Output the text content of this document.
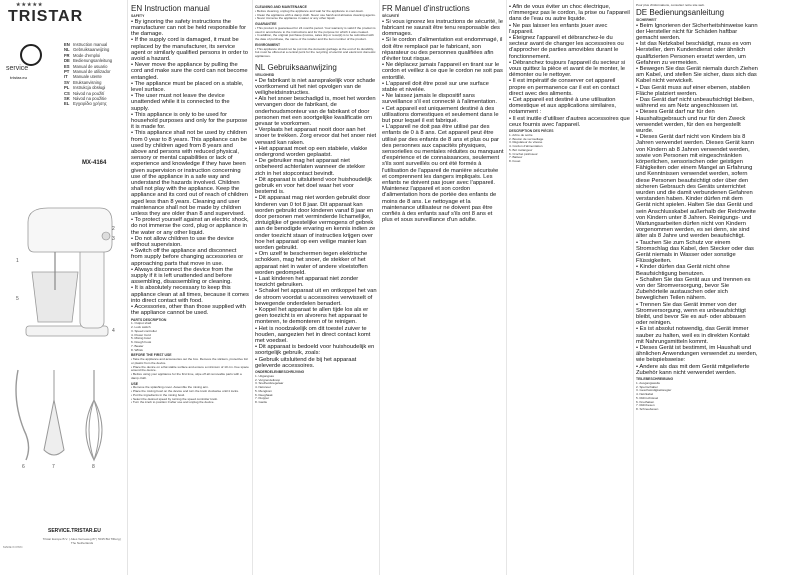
★★★★★
TRISTAR
service
tristar.eu
EN Instruction manual
NL Gebruiksaanwijzing
FR Mode d'emploi
DE Bedienungsanleitung
ES Manual de usuario
PT Manual de utilizador
IT Manuale utente
SV Bruksanvisning
PL Instrukcja obsługi
CS Návod na použití
SK Návod na použitie
EL Εγχειρίδιο χρήσης
MX-4164
1
2
3
5
4
6	7	8
SERVICE.TRISTAR.EU
Tristar Europe B.V. | Jules Verneweg 87 | 5015 BH Tilburg | The Netherlands
MADE IN PRC
EN Instruction manual
SAFETY
• By ignoring the safety instructions the manufacturer can not be held responsible for the damage.
• If the supply cord is damaged, it must be replaced by the manufacturer, its service agent or similarly qualified persons in order to avoid a hazard.
• Never move the appliance by pulling the cord and make sure the cord can not become entangled.
• The appliance must be placed on a stable, level surface.
• The user must not leave the device unattended while it is connected to the supply.
• This appliance is only to be used for household purposes and only for the purpose it is made for.
• This appliance shall not be used by children from 0 year to 8 years. This appliance can be used by children aged from 8 years and above and persons with reduced physical, sensory or mental capabilities or lack of experience and knowledge if they have been given supervision or instruction concerning use of the appliance in a safe way and understand the hazards involved. Children shall not play with the appliance. Keep the appliance and its cord out of reach of children aged less than 8 years. Cleaning and user maintenance shall not be made by children unless they are older than 8 and supervised.
• To protect yourself against an electric shock, do not immerse the cord, plug or appliance in the water or any other liquid.
• Do not allow children to use the device without supervision.
• Switch off the appliance and disconnect from supply before changing accessories or approaching parts that move in use.
• Always disconnect the device from the supply if it is left unattended and before assembling, disassembling or cleaning.
• It is absolutely necessary to keep this appliance clean at all times, because it comes into direct contact with food.
• Accessories, other than those supplied with the appliance cannot be used.
PARTS DESCRIPTION
1. Output shaft
2. Lock switch
3. Speed controller
4. Power Cord
5. Mixing bowl
6. Dough hook
7. Beater
8. Whisk
BEFORE THE FIRST USE
• Take the appliance and accessories out the box. Remove the stickers, protective foil or plastic from the device.
• Place the device on a flat stable surface and ensure a minimum of 10 cm. free space around the device.
• Before using your appliance for the first time, wipe off all removable parts with a damp cloth.
USE
• Remove the splashing cover. Assemble the mixing arm.
• Place the mixing bowl on the device and turn the knob clockwise until it locks.
• Put the ingredients in the mixing bowl.
• Select the desired speed by turning the speed controller knob.
• Turn the knob to position 0 after use and unplug the device.
CLEANING AND MAINTENANCE
• Before cleaning, unplug the appliance and wait for the appliance to cool down.
• Clean the appliance with a damp cloth. Never use harsh and abrasive cleaning agents.
• Never immerse the appliance in water or any other liquid.
GUARANTEE
• This product is guaranteed for 24 months period. Your warranty is valid if the product is used in accordance to the instructions and for the purpose for which it was created.
• In addition, the original purchase (invoice, sales slip or receipt) is to be submitted with the date of purchase, the name of the retailer and the item number of the product.
ENVIRONMENT
• This appliance should not be put into the domestic garbage at the end of its durability, but must be offered at a central point for the recycling of electric and electronic domestic appliances.
NL Gebruiksaanwijzing
VEILIGHEID
• De fabrikant is niet aansprakelijk voor schade voortkomend uit het niet opvolgen van de veiligheidsinstructies.
• Als het snoer beschadigd is, moet het worden vervangen door de fabrikant, de onderhoudsmonteur van de fabrikant of door personen met een soortgelijke kwalificatie om gevaar te voorkomen.
• Verplaats het apparaat nooit door aan het snoer te trekken. Zorg ervoor dat het snoer niet verward kan raken.
• Het apparaat moet op een stabiele, vlakke ondergrond worden geplaatst.
• De gebruiker mag het apparaat niet onbeheerd achterlaten wanneer de stekker zich in het stopcontact bevindt.
• Dit apparaat is uitsluitend voor huishoudelijk gebruik en voor het doel waar het voor bestemd is.
• Dit apparaat mag niet worden gebruikt door kinderen van 0 tot 8 jaar. Dit apparaat kan worden gebruikt door kinderen vanaf 8 jaar en door personen met verminderde lichamelijke, zintuiglijke of geestelijke vermogens of gebrek aan de benodigde ervaring en kennis indien ze onder toezicht staan of instructies krijgen over hoe het apparaat op een veilige manier kan worden gebruikt.
• Om uzelf te beschermen tegen elektrische schokken, mag het snoer, de stekker of het apparaat niet in water of andere vloeistoffen worden gedompeld.
• Laat kinderen het apparaat niet zonder toezicht gebruiken.
• Schakel het apparaat uit en ontkoppel het van de stroom voordat u accessoires verwisselt of bewegende onderdelen benadert.
• Koppel het apparaat te allen tijde los als er geen toezicht is en alvorens het apparaat te monteren, te demonteren of te reinigen.
• Het is noodzakelijk om dit toestel zuiver te houden, aangezien het in direct contact komt met voedsel.
• Dit apparaat is bedoeld voor huishoudelijk en soortgelijk gebruik, zoals:
• Gebruik uitsluitend de bij het apparaat geleverde accessoires.
ONDERDELENBESCHRIJVING
1. Uitgangsas
2. Vergrendelknop
3. Snelheidsregelaar
4. Netsnoer
5. Mengkom
6. Deeghaak
7. Klopper
8. Garde
FR Manuel d'instructions
SÉCURITÉ
• Si vous ignorez les instructions de sécurité, le fabricant ne saurait être tenu responsable des dommages.
• Si le cordon d'alimentation est endommagé, il doit être remplacé par le fabricant, son réparateur ou des personnes qualifiées afin d'éviter tout risque.
• Ne déplacez jamais l'appareil en tirant sur le cordon et veillez à ce que le cordon ne soit pas entortillé.
• L'appareil doit être posé sur une surface stable et nivelée.
• Ne laissez jamais le dispositif sans surveillance s'il est connecté à l'alimentation.
• Cet appareil est uniquement destiné à des utilisations domestiques et seulement dans le but pour lequel il est fabriqué.
• L'appareil ne doit pas être utilisé par des enfants de 0 à 8 ans. Cet appareil peut être utilisé par des enfants de 8 ans et plus ou par des personnes aux capacités physiques, sensorielles ou mentales réduites ou manquant d'expérience et de connaissances, seulement s'ils sont surveillés ou ont été formés à l'utilisation de l'appareil de manière sécurisée et comprennent les dangers impliqués. Les enfants ne doivent pas jouer avec l'appareil. Maintenez l'appareil et son cordon d'alimentation hors de portée des enfants de moins de 8 ans. Le nettoyage et la maintenance utilisateur ne doivent pas être confiés à des enfants sauf s'ils ont 8 ans et plus et sous surveillance d'un adulte.
• Afin de vous éviter un choc électrique, n'immergez pas le cordon, la prise ou l'appareil dans de l'eau ou autre liquide.
• Ne pas laisser les enfants jouer avec l'appareil.
• Éteignez l'appareil et débranchez-le du secteur avant de changer les accessoires ou d'approcher de parties amovibles durant le fonctionnement.
• Débranchez toujours l'appareil du secteur si vous quittez la pièce et avant de le monter, le démonter ou le nettoyer.
• Il est impératif de conserver cet appareil propre en permanence car il est en contact direct avec des aliments.
• Cet appareil est destiné à une utilisation domestique et aux applications similaires, notamment :
• Il est inutile d'utiliser d'autres accessoires que ceux fournis avec l'appareil.
DESCRIPTION DES PIÈCES
1. Arbre de sortie
2. Bouton de verrouillage
3. Régulateur de vitesse
4. Cordon d'alimentation
5. Bol mélangeur
6. Crochet pétrisseur
7. Batteur
8. Fouet
Pour plus d'informations, consultez notre site web.
DE Bedienungsanleitung
SICHERHEIT
• Beim Ignorieren der Sicherheitshinweise kann der Hersteller nicht für Schäden haftbar gemacht werden.
• Ist das Netzkabel beschädigt, muss es vom Hersteller, dem Kundendienst oder ähnlich qualifizierten Personen ersetzt werden, um Gefahren zu vermeiden.
• Bewegen Sie das Gerät niemals durch Ziehen am Kabel, und stellen Sie sicher, dass sich das Kabel nicht verwickelt.
• Das Gerät muss auf einer ebenen, stabilen Fläche platziert werden.
• Das Gerät darf nicht unbeaufsichtigt bleiben, während es am Netz angeschlossen ist.
• Dieses Gerät darf nur für den Haushaltsgebrauch und nur für den Zweck verwendet werden, für den es hergestellt wurde.
• Dieses Gerät darf nicht von Kindern bis 8 Jahren verwendet werden. Dieses Gerät kann von Kindern ab 8 Jahren verwendet werden, sowie von Personen mit eingeschränkten körperlichen, sensorischen oder geistigen Fähigkeiten oder einem Mangel an Erfahrung und Kenntnissen verwendet werden, sofern diese Personen beaufsichtigt oder über den sicheren Gebrauch des Geräts unterrichtet wurden und die damit verbundenen Gefahren verstanden haben. Kinder dürfen mit dem Gerät nicht spielen. Halten Sie das Gerät und sein Anschlusskabel außerhalb der Reichweite von Kindern unter 8 Jahren. Reinigungs- und Wartungsarbeiten dürfen nicht von Kindern vorgenommen werden, es sei denn, sie sind älter als 8 Jahre und werden beaufsichtigt.
• Tauchen Sie zum Schutz vor einem Stromschlag das Kabel, den Stecker oder das Gerät niemals in Wasser oder sonstige Flüssigkeiten.
• Kinder dürfen das Gerät nicht ohne Beaufsichtigung benutzen.
• Schalten Sie das Gerät aus und trennen es von der Stromversorgung, bevor Sie Zubehörteile austauschen oder sich beweglichen Teilen nähern.
• Trennen Sie das Gerät immer von der Stromversorgung, wenn es unbeaufsichtigt bleibt, und bevor Sie es auf- oder abbauen oder reinigen.
• Es ist absolut notwendig, das Gerät immer sauber zu halten, weil es in direkten Kontakt mit Nahrungsmitteln kommt.
• Dieses Gerät ist bestimmt, im Haushalt und ähnlichen Anwendungen verwendet zu werden, wie beispielsweise:
• Andere als das mit dem Gerät mitgelieferte Zubehör kann nicht verwendet werden.
TEILEBESCHREIBUNG
1. Ausgangswelle
2. Sperrschalter
3. Geschwindigkeitsregler
4. Netzkabel
5. Rührschüssel
6. Knethaken
7. Rührbesen
8. Schneebesen
